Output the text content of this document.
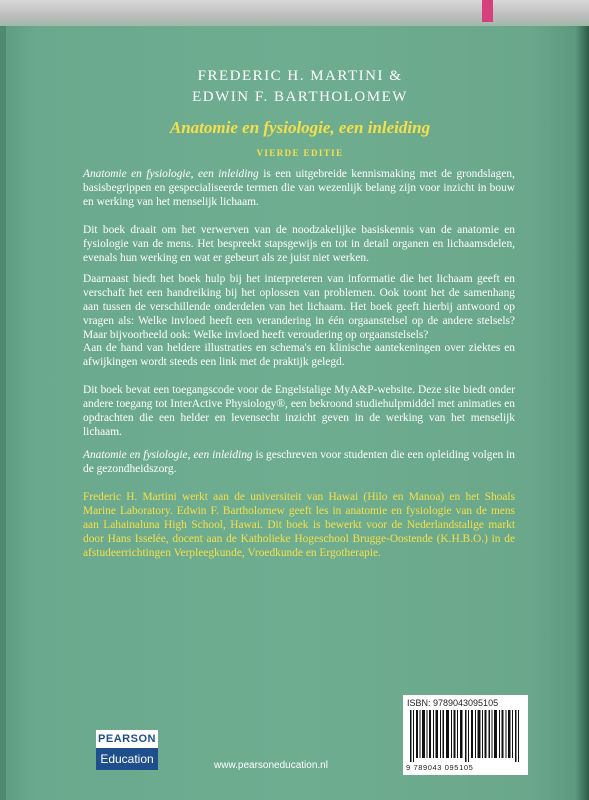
FREDERIC H. MARTINI &
EDWIN F. BARTHOLOMEW
Anatomie en fysiologie, een inleiding
VIERDE EDITIE
Anatomie en fysiologie, een inleiding is een uitgebreide kennismaking met de grondslagen, basisbegrippen en gespecialiseerde termen die van wezenlijk belang zijn voor inzicht in bouw en werking van het menselijk lichaam.
Dit boek draait om het verwerven van de noodzakelijke basiskennis van de anatomie en fysiologie van de mens. Het bespreekt stapsgewijs en tot in detail organen en lichaamsdelen, evenals hun werking en wat er gebeurt als ze juist niet werken.
Daarnaast biedt het boek hulp bij het interpreteren van informatie die het lichaam geeft en verschaft het een handreiking bij het oplossen van problemen. Ook toont het de samenhang aan tussen de verschillende onderdelen van het lichaam. Het boek geeft hierbij antwoord op vragen als: Welke invloed heeft een verandering in één orgaanstelsel op de andere stelsels? Maar bijvoorbeeld ook: Welke invloed heeft veroudering op orgaanstelsels?
Aan de hand van heldere illustraties en schema's en klinische aantekeningen over ziektes en afwijkingen wordt steeds een link met de praktijk gelegd.
Dit boek bevat een toegangscode voor de Engelstalige MyA&P-website. Deze site biedt onder andere toegang tot InterActive Physiology®, een bekroond studiehulpmiddel met animaties en opdrachten die een helder en levensecht inzicht geven in de werking van het menselijk lichaam.
Anatomie en fysiologie, een inleiding is geschreven voor studenten die een opleiding volgen in de gezondheidszorg.
Frederic H. Martini werkt aan de universiteit van Hawai (Hilo en Manoa) en het Shoals Marine Laboratory. Edwin F. Bartholomew geeft les in anatomie en fysiologie van de mens aan Lahainaluna High School, Hawai. Dit boek is bewerkt voor de Nederlandstalige markt door Hans Isselée, docent aan de Katholieke Hogeschool Brugge-Oostende (K.H.B.O.) in de afstudeerrichtingen Verpleegkunde, Vroedkunde en Ergotherapie.
ISBN: 9789043095105
9 789043 095105
PEARSON
Education	www.pearsoneducation.nl
